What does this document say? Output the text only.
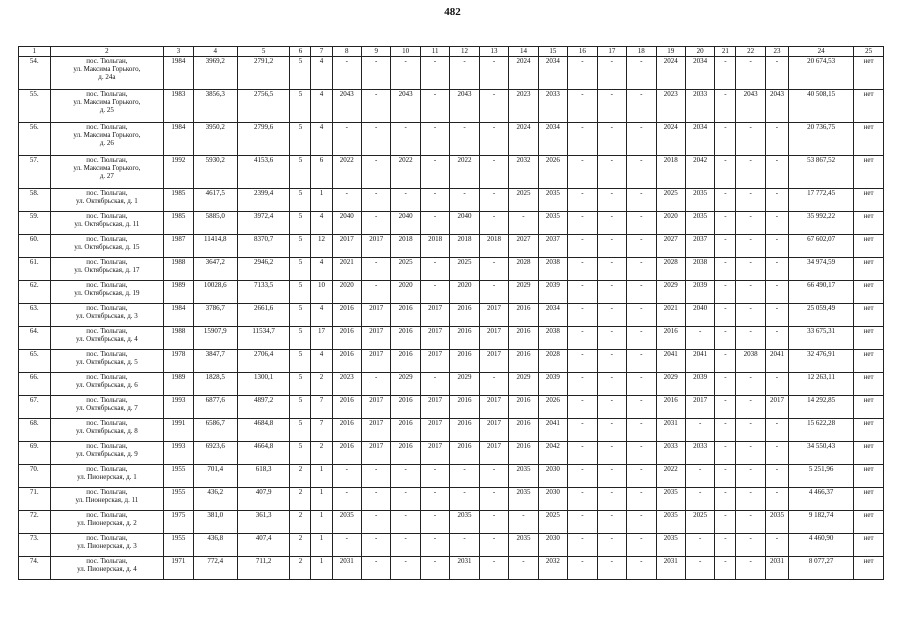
482
1	2	3	4	5	6	7	8	9	10	11	12	13	14	15	16	17	18	19	20	21	22	23	24	25
54.	пос. Тюльган,
ул. Максима Горького,
д. 24а	1984	3969,2	2791,2	5	4	-	-	-	-	-	-	2024	2034	-	-	-	2024	2034	-	-	-	20 674,53	нет
55.	пос. Тюльган,
ул. Максима Горького,
д. 25	1983	3856,3	2756,5	5	4	2043	-	2043	-	2043	-	2023	2033	-	-	-	2023	2033	-	2043	2043	40 508,15	нет
56.	пос. Тюльган,
ул. Максима Горького,
д. 26	1984	3950,2	2799,6	5	4	-	-	-	-	-	-	2024	2034	-	-	-	2024	2034	-	-	-	20 736,75	нет
57.	пос. Тюльган,
ул. Максима Горького,
д. 27	1992	5930,2	4153,6	5	6	2022	-	2022	-	2022	-	2032	2026	-	-	-	2018	2042	-	-	-	53 867,52	нет
58.	пос. Тюльган,
ул. Октябрьская, д. 1	1985	4617,5	2399,4	5	1	-	-	-	-	-	-	2025	2035	-	-	-	2025	2035	-	-	-	17 772,45	нет
59.	пос. Тюльган,
ул. Октябрьская, д. 11	1985	5885,0	3972,4	5	4	2040	-	2040	-	2040	-	-	2035	-	-	-	2020	2035	-	-	-	35 992,22	нет
60.	пос. Тюльган,
ул. Октябрьская, д. 15	1987	11414,8	8370,7	5	12	2017	2017	2018	2018	2018	2018	2027	2037	-	-	-	2027	2037	-	-	-	67 602,07	нет
61.	пос. Тюльган,
ул. Октябрьская, д. 17	1988	3647,2	2946,2	5	4	2021	-	2025	-	2025	-	2028	2038	-	-	-	2028	2038	-	-	-	34 974,59	нет
62.	пос. Тюльган,
ул. Октябрьская, д. 19	1989	10028,6	7133,5	5	10	2020	-	2020	-	2020	-	2029	2039	-	-	-	2029	2039	-	-	-	66 490,17	нет
63.	пос. Тюльган,
ул. Октябрьская, д. 3	1984	3786,7	2661,6	5	4	2016	2017	2016	2017	2016	2017	2016	2034	-	-	-	2021	2040	-	-	-	25 059,49	нет
64.	пос. Тюльган,
ул. Октябрьская, д. 4	1988	15907,9	11534,7	5	17	2016	2017	2016	2017	2016	2017	2016	2038	-	-	-	2016	-	-	-	-	33 675,31	нет
65.	пос. Тюльган,
ул. Октябрьская, д. 5	1978	3847,7	2706,4	5	4	2016	2017	2016	2017	2016	2017	2016	2028	-	-	-	2041	2041	-	2038	2041	32 476,91	нет
66.	пос. Тюльган,
ул. Октябрьская, д. 6	1989	1828,5	1300,1	5	2	2023	-	2029	-	2029	-	2029	2039	-	-	-	2029	2039	-	-	-	12 263,11	нет
67.	пос. Тюльган,
ул. Октябрьская, д. 7	1993	6877,6	4897,2	5	7	2016	2017	2016	2017	2016	2017	2016	2026	-	-	-	2016	2017	-	-	2017	14 292,85	нет
68.	пос. Тюльган,
ул. Октябрьская, д. 8	1991	6586,7	4684,8	5	7	2016	2017	2016	2017	2016	2017	2016	2041	-	-	-	2031	-	-	-	-	15 622,28	нет
69.	пос. Тюльган,
ул. Октябрьская, д. 9	1993	6923,6	4664,8	5	2	2016	2017	2016	2017	2016	2017	2016	2042	-	-	-	2033	2033	-	-	-	34 550,43	нет
70.	пос. Тюльган,
ул. Пионерская, д. 1	1955	701,4	618,3	2	1	-	-	-	-	-	-	2035	2030	-	-	-	2022	-	-	-	-	5 251,96	нет
71.	пос. Тюльган,
ул. Пионерская, д. 11	1955	436,2	407,9	2	1	-	-	-	-	-	-	2035	2030	-	-	-	2035	-	-	-	-	4 466,37	нет
72.	пос. Тюльган,
ул. Пионерская, д. 2	1975	381,0	361,3	2	1	2035	-	-	-	2035	-	-	2025	-	-	-	2035	2025	-	-	2035	9 182,74	нет
73.	пос. Тюльган,
ул. Пионерская, д. 3	1955	436,8	407,4	2	1	-	-	-	-	-	-	2035	2030	-	-	-	2035	-	-	-	-	4 460,90	нет
74.	пос. Тюльган,
ул. Пионерская, д. 4	1971	772,4	711,2	2	1	2031	-	-	-	2031	-	-	2032	-	-	-	2031	-	-	-	2031	8 077,27	нет
